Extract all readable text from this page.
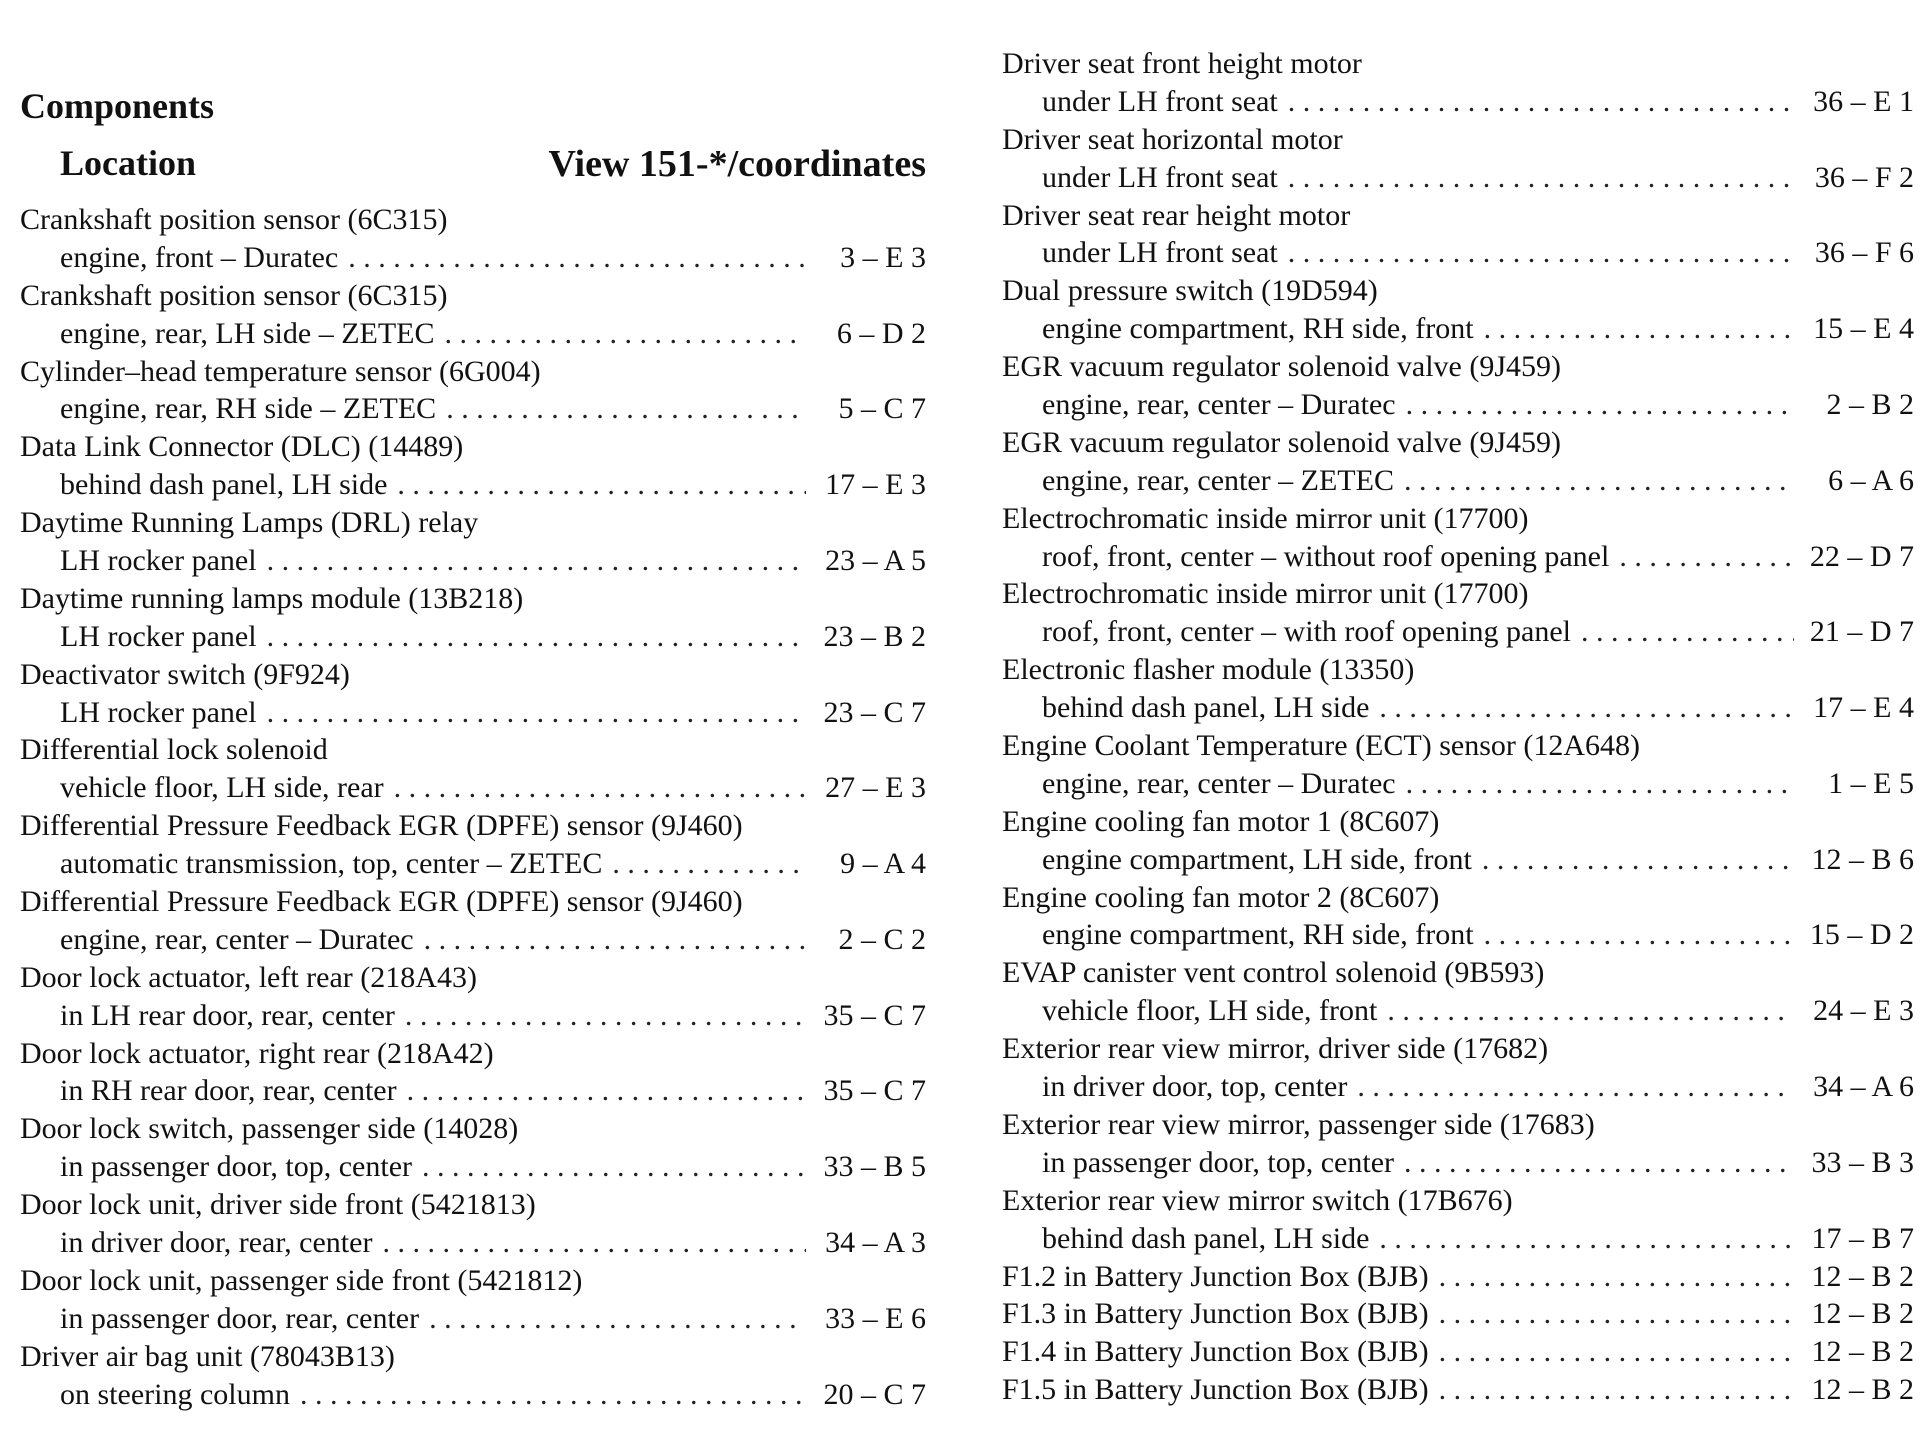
Components
Location	View 151-*/coordinates
Crankshaft position sensor (6C315)
engine, front – Duratec . . .	3 – E 3
Crankshaft position sensor (6C315)
engine, rear, LH side – ZETEC . . .	6 – D 2
Cylinder–head temperature sensor (6G004)
engine, rear, RH side – ZETEC . . .	5 – C 7
Data Link Connector (DLC) (14489)
behind dash panel, LH side . . .	17 – E 3
Daytime Running Lamps (DRL) relay
LH rocker panel . . .	23 – A 5
Daytime running lamps module (13B218)
LH rocker panel . . .	23 – B 2
Deactivator switch (9F924)
LH rocker panel . . .	23 – C 7
Differential lock solenoid
vehicle floor, LH side, rear . . .	27 – E 3
Differential Pressure Feedback EGR (DPFE) sensor (9J460)
automatic transmission, top, center – ZETEC . . .	9 – A 4
Differential Pressure Feedback EGR (DPFE) sensor (9J460)
engine, rear, center – Duratec . . .	2 – C 2
Door lock actuator, left rear (218A43)
in LH rear door, rear, center . . .	35 – C 7
Door lock actuator, right rear (218A42)
in RH rear door, rear, center . . .	35 – C 7
Door lock switch, passenger side (14028)
in passenger door, top, center . . .	33 – B 5
Door lock unit, driver side front (5421813)
in driver door, rear, center . . .	34 – A 3
Door lock unit, passenger side front (5421812)
in passenger door, rear, center . . .	33 – E 6
Driver air bag unit (78043B13)
on steering column . . .	20 – C 7
Driver seat front height motor
under LH front seat . . .	36 – E 1
Driver seat horizontal motor
under LH front seat . . .	36 – F 2
Driver seat rear height motor
under LH front seat . . .	36 – F 6
Dual pressure switch (19D594)
engine compartment, RH side, front . . .	15 – E 4
EGR vacuum regulator solenoid valve (9J459)
engine, rear, center – Duratec . . .	2 – B 2
EGR vacuum regulator solenoid valve (9J459)
engine, rear, center – ZETEC . . .	6 – A 6
Electrochromatic inside mirror unit (17700)
roof, front, center – without roof opening panel . . .	22 – D 7
Electrochromatic inside mirror unit (17700)
roof, front, center – with roof opening panel . . .	21 – D 7
Electronic flasher module (13350)
behind dash panel, LH side . . .	17 – E 4
Engine Coolant Temperature (ECT) sensor (12A648)
engine, rear, center – Duratec . . .	1 – E 5
Engine cooling fan motor 1 (8C607)
engine compartment, LH side, front . . .	12 – B 6
Engine cooling fan motor 2 (8C607)
engine compartment, RH side, front . . .	15 – D 2
EVAP canister vent control solenoid (9B593)
vehicle floor, LH side, front . . .	24 – E 3
Exterior rear view mirror, driver side (17682)
in driver door, top, center . . .	34 – A 6
Exterior rear view mirror, passenger side (17683)
in passenger door, top, center . . .	33 – B 3
Exterior rear view mirror switch (17B676)
behind dash panel, LH side . . .	17 – B 7
F1.2 in Battery Junction Box (BJB) . . .	12 – B 2
F1.3 in Battery Junction Box (BJB) . . .	12 – B 2
F1.4 in Battery Junction Box (BJB) . . .	12 – B 2
F1.5 in Battery Junction Box (BJB) . . .	12 – B 2
